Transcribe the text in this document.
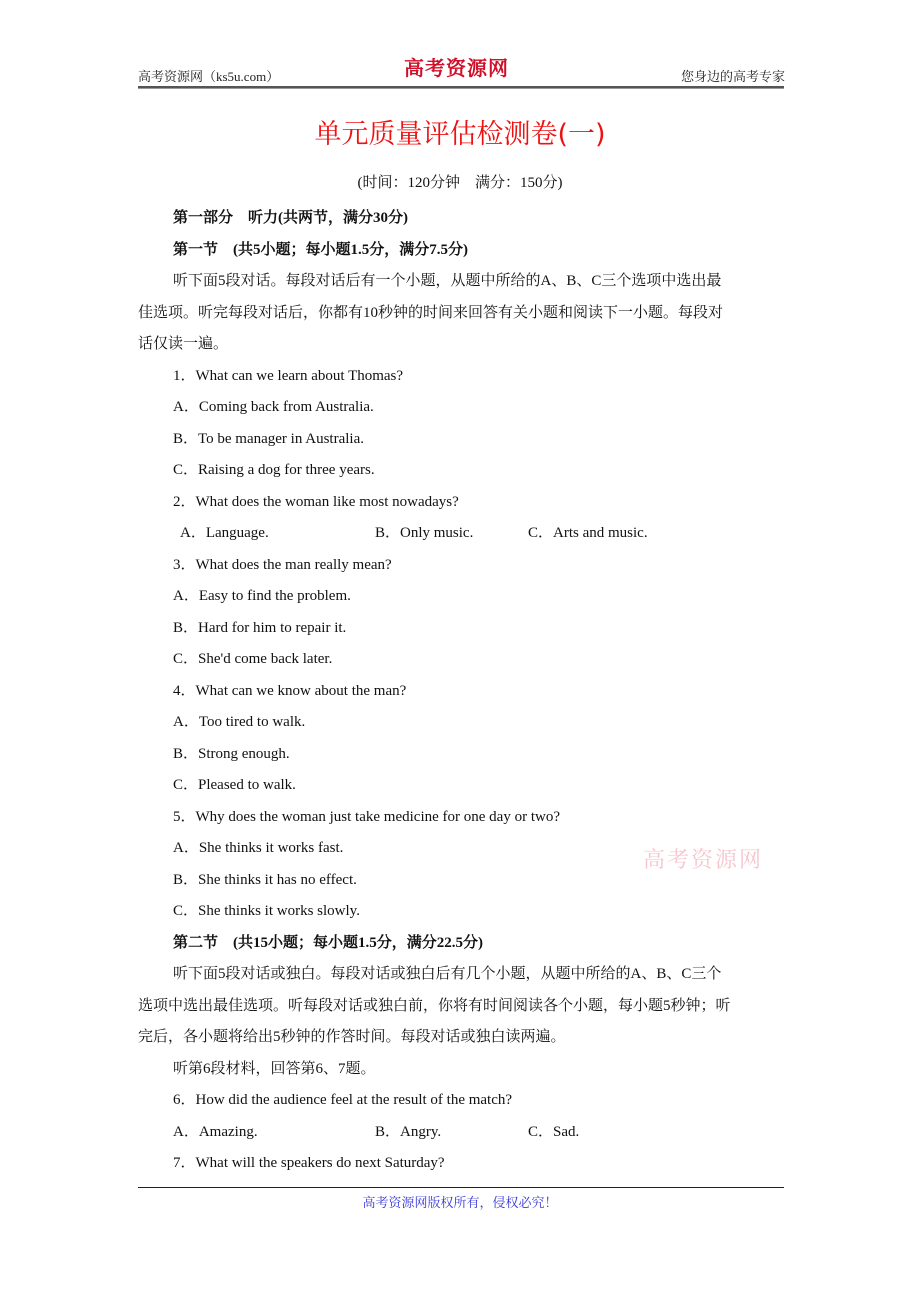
高考资源网（ks5u.com）	高考资源网	您身边的高考专家
单元质量评估检测卷(一)
(时间：120分钟　满分：150分)
第一部分　听力(共两节，满分30分)
第一节　(共5小题；每小题1.5分，满分7.5分)
听下面5段对话。每段对话后有一个小题，从题中所给的A、B、C三个选项中选出最
佳选项。听完每段对话后，你都有10秒钟的时间来回答有关小题和阅读下一小题。每段对
话仅读一遍。
1．What can we learn about Thomas?
A．Coming back from Australia.
B．To be manager in Australia.
C．Raising a dog for three years.
2．What does the woman like most nowadays?
A．Language.	B．Only music.	C．Arts and music.
3．What does the man really mean?
A．Easy to find the problem.
B．Hard for him to repair it.
C．She'd come back later.
4．What can we know about the man?
A．Too tired to walk.
B．Strong enough.
C．Pleased to walk.
5．Why does the woman just take medicine for one day or two?
A．She thinks it works fast.
B．She thinks it has no effect.
C．She thinks it works slowly.
高考资源网
第二节　(共15小题；每小题1.5分，满分22.5分)
听下面5段对话或独白。每段对话或独白后有几个小题，从题中所给的A、B、C三个
选项中选出最佳选项。听每段对话或独白前，你将有时间阅读各个小题，每小题5秒钟；听
完后，各小题将给出5秒钟的作答时间。每段对话或独白读两遍。
听第6段材料，回答第6、7题。
6．How did the audience feel at the result of the match?
A．Amazing.	B．Angry.	C．Sad.
7．What will the speakers do next Saturday?
高考资源网版权所有，侵权必究！
